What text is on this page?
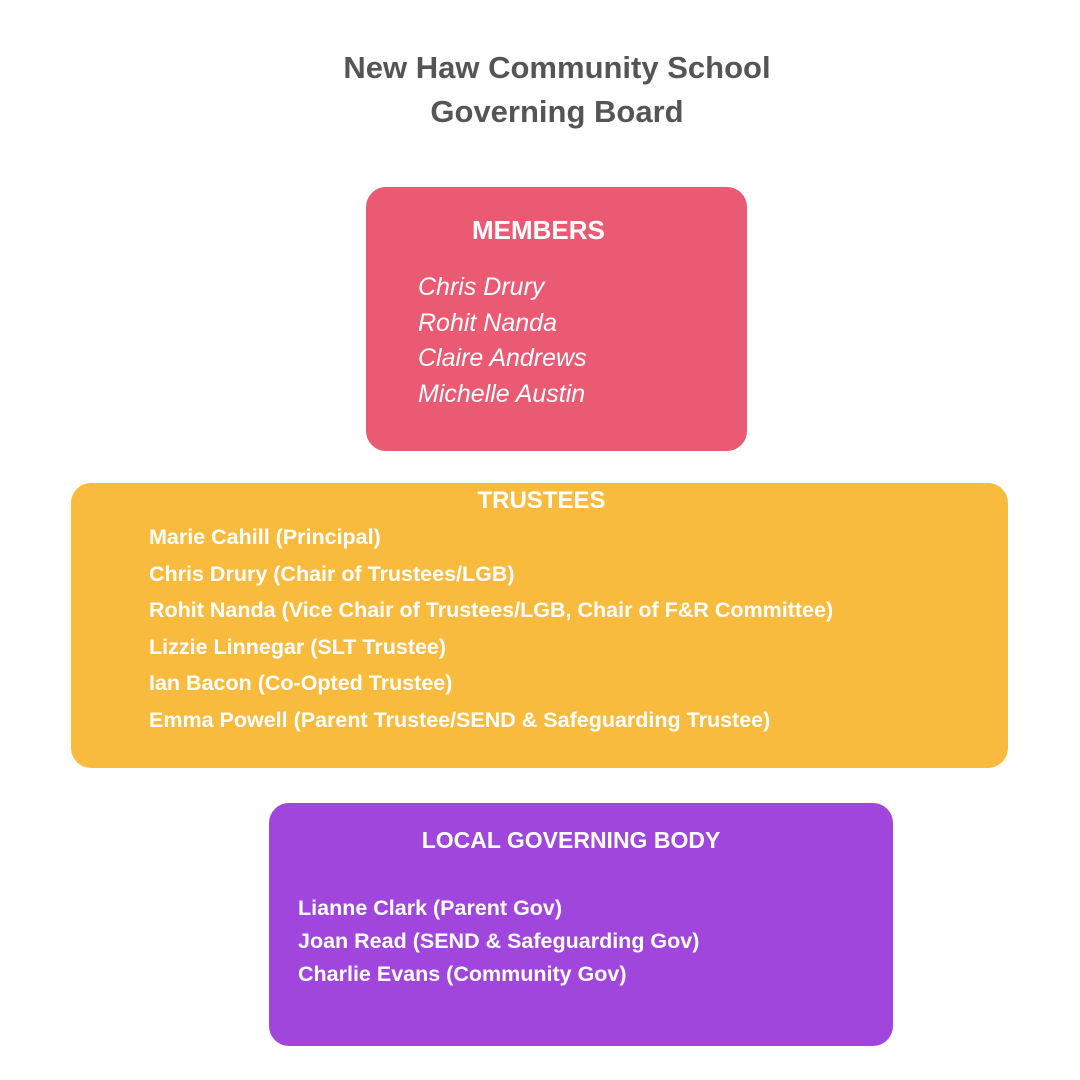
New Haw Community School
Governing Board
MEMBERS
Chris Drury
Rohit Nanda
Claire Andrews
Michelle Austin
TRUSTEES
Marie Cahill (Principal)
Chris Drury (Chair of Trustees/LGB)
Rohit Nanda (Vice Chair of Trustees/LGB, Chair of F&R Committee)
Lizzie Linnegar (SLT Trustee)
Ian Bacon (Co-Opted Trustee)
Emma Powell (Parent Trustee/SEND & Safeguarding Trustee)
LOCAL GOVERNING BODY
Lianne Clark (Parent Gov)
Joan Read (SEND & Safeguarding Gov)
Charlie Evans (Community Gov)
